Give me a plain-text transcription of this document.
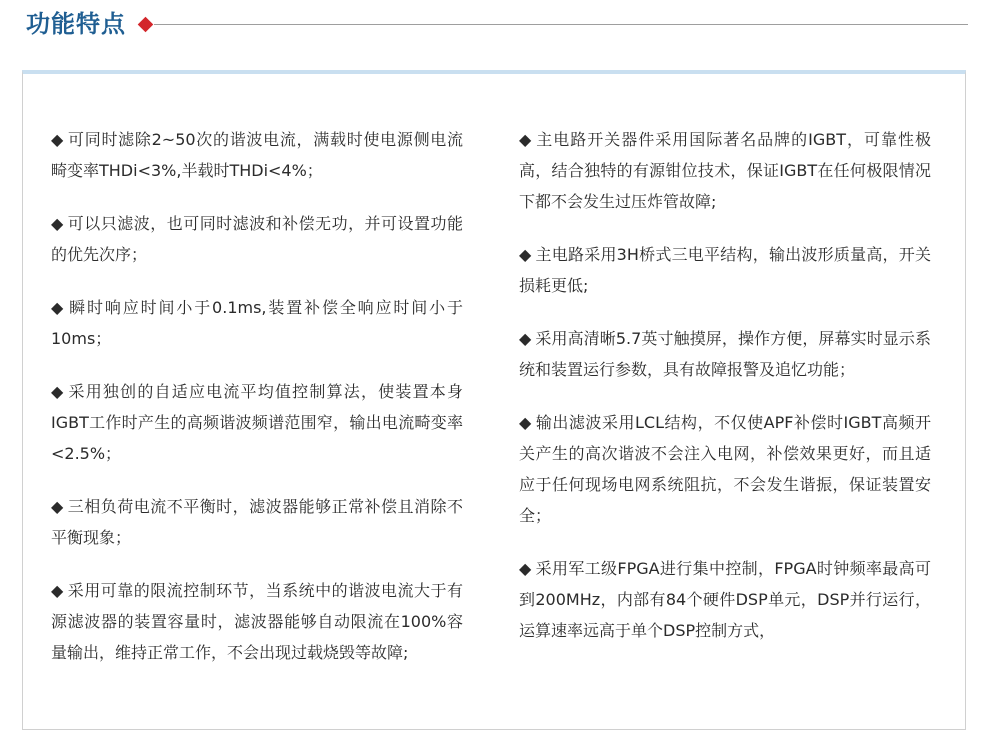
功能特点

◆ 可同时滤除2~50次的谐波电流，满载时使电源侧电流畸变率THDi<3%,半载时THDi<4%；

◆ 可以只滤波，也可同时滤波和补偿无功，并可设置功能的优先次序；

◆ 瞬时响应时间小于0.1ms,装置补偿全响应时间小于10ms；

◆ 采用独创的自适应电流平均值控制算法，使装置本身IGBT工作时产生的高频谐波频谱范围窄，输出电流畸变率<2.5%；

◆ 三相负荷电流不平衡时，滤波器能够正常补偿且消除不平衡现象；

◆ 采用可靠的限流控制环节，当系统中的谐波电流大于有源滤波器的装置容量时，滤波器能够自动限流在100%容量输出，维持正常工作，不会出现过载烧毁等故障;

◆ 主电路开关器件采用国际著名品牌的IGBT，可靠性极高，结合独特的有源钳位技术，保证IGBT在任何极限情况下都不会发生过压炸管故障;

◆ 主电路采用3H桥式三电平结构，输出波形质量高，开关损耗更低;

◆ 采用高清晰5.7英寸触摸屏，操作方便，屏幕实时显示系统和装置运行参数，具有故障报警及追忆功能；

◆ 输出滤波采用LCL结构，不仅使APF补偿时IGBT高频开关产生的高次谐波不会注入电网，补偿效果更好，而且适应于任何现场电网系统阻抗，不会发生谐振，保证装置安全；

◆ 采用军工级FPGA进行集中控制，FPGA时钟频率最高可到200MHz，内部有84个硬件DSP单元，DSP并行运行，运算速率远高于单个DSP控制方式，
